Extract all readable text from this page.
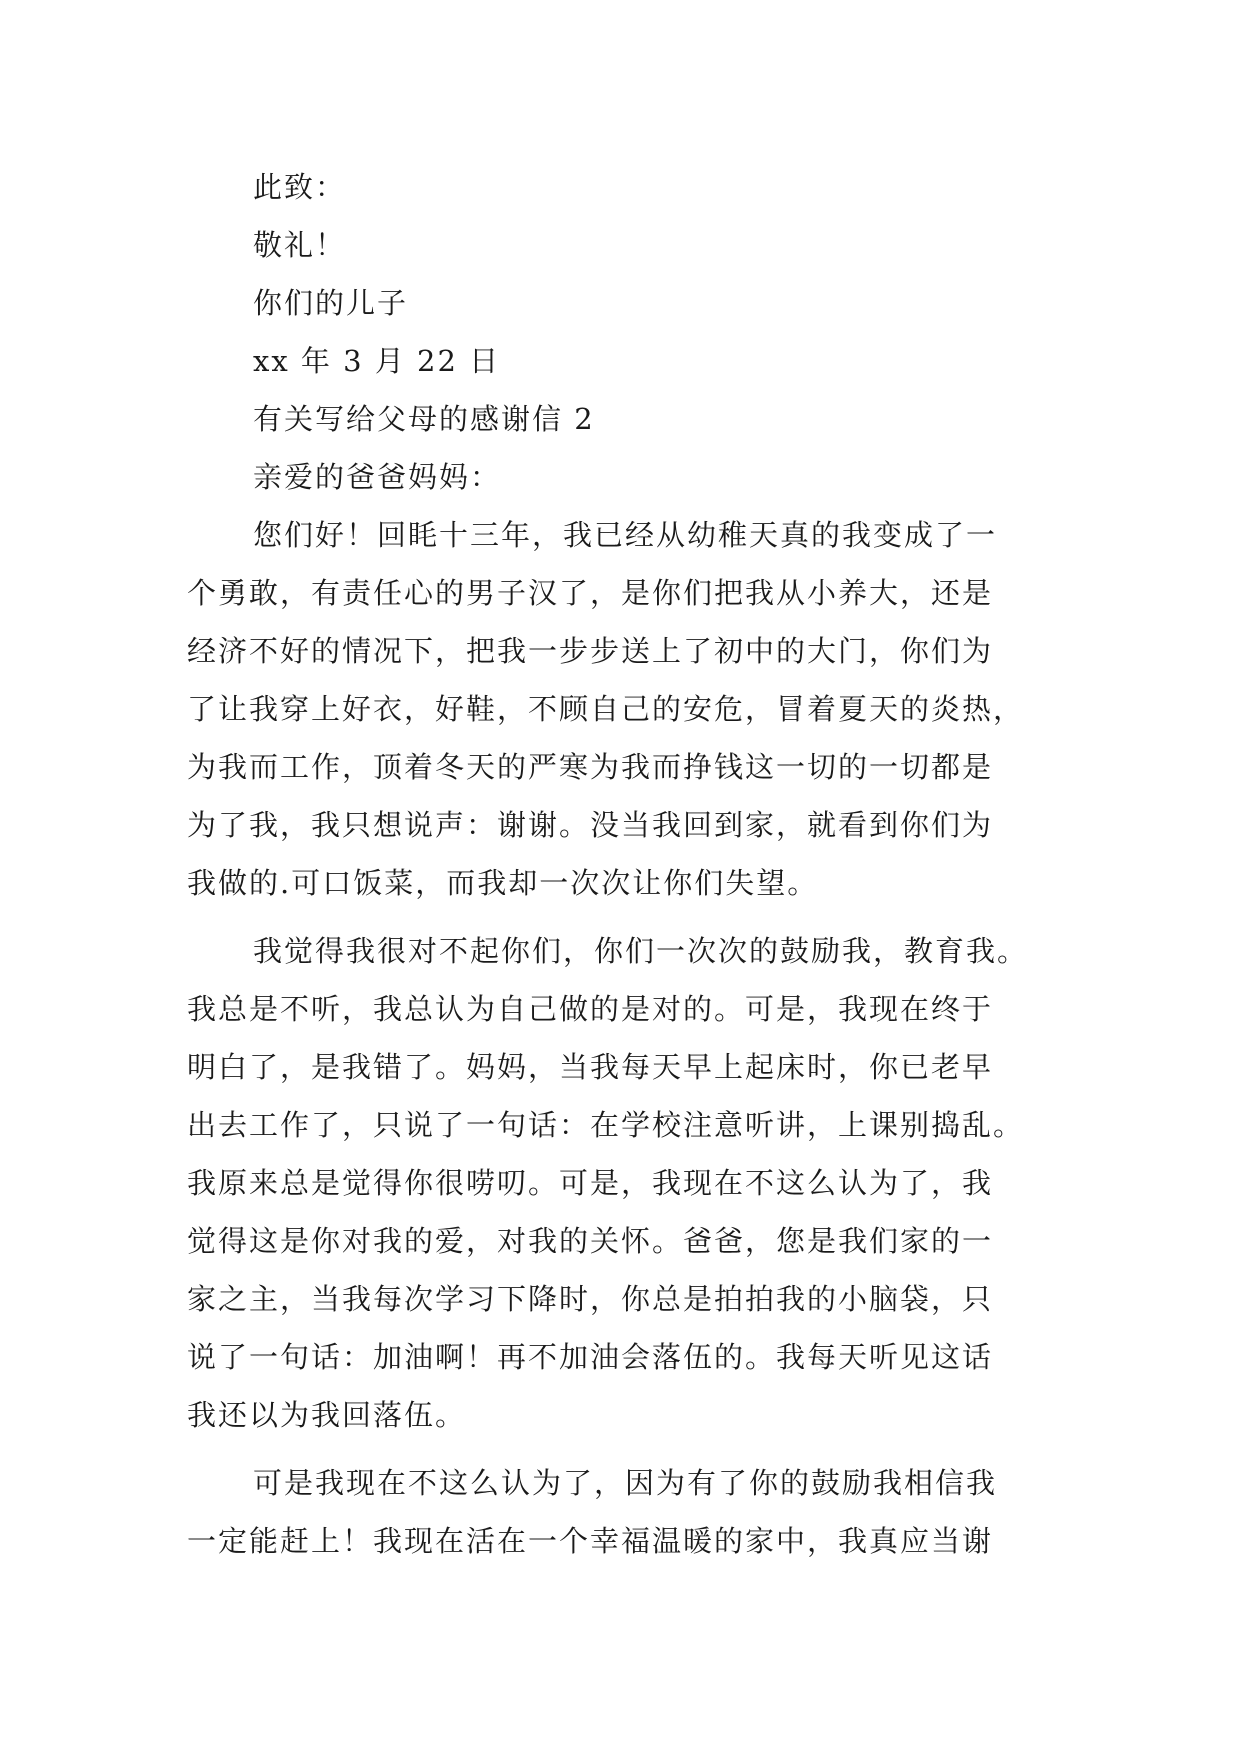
此致：

敬礼！

你们的儿子

xx 年 3 月 22 日

有关写给父母的感谢信 2

亲爱的爸爸妈妈：

您们好！回眊十三年，我已经从幼稚天真的我变成了一
个勇敢，有责任心的男子汉了，是你们把我从小养大，还是
经济不好的情况下，把我一步步送上了初中的大门，你们为
了让我穿上好衣，好鞋，不顾自己的安危，冒着夏天的炎热，
为我而工作，顶着冬天的严寒为我而挣钱这一切的一切都是
为了我，我只想说声：谢谢。没当我回到家，就看到你们为
我做的.可口饭菜，而我却一次次让你们失望。
我觉得我很对不起你们，你们一次次的鼓励我，教育我。
我总是不听，我总认为自己做的是对的。可是，我现在终于
明白了，是我错了。妈妈，当我每天早上起床时，你已老早
出去工作了，只说了一句话：在学校注意听讲，上课别捣乱。
我原来总是觉得你很唠叨。可是，我现在不这么认为了，我
觉得这是你对我的爱，对我的关怀。爸爸，您是我们家的一
家之主，当我每次学习下降时，你总是拍拍我的小脑袋，只
说了一句话：加油啊！再不加油会落伍的。我每天听见这话
我还以为我回落伍。
可是我现在不这么认为了，因为有了你的鼓励我相信我
一定能赶上！我现在活在一个幸福温暖的家中，我真应当谢
